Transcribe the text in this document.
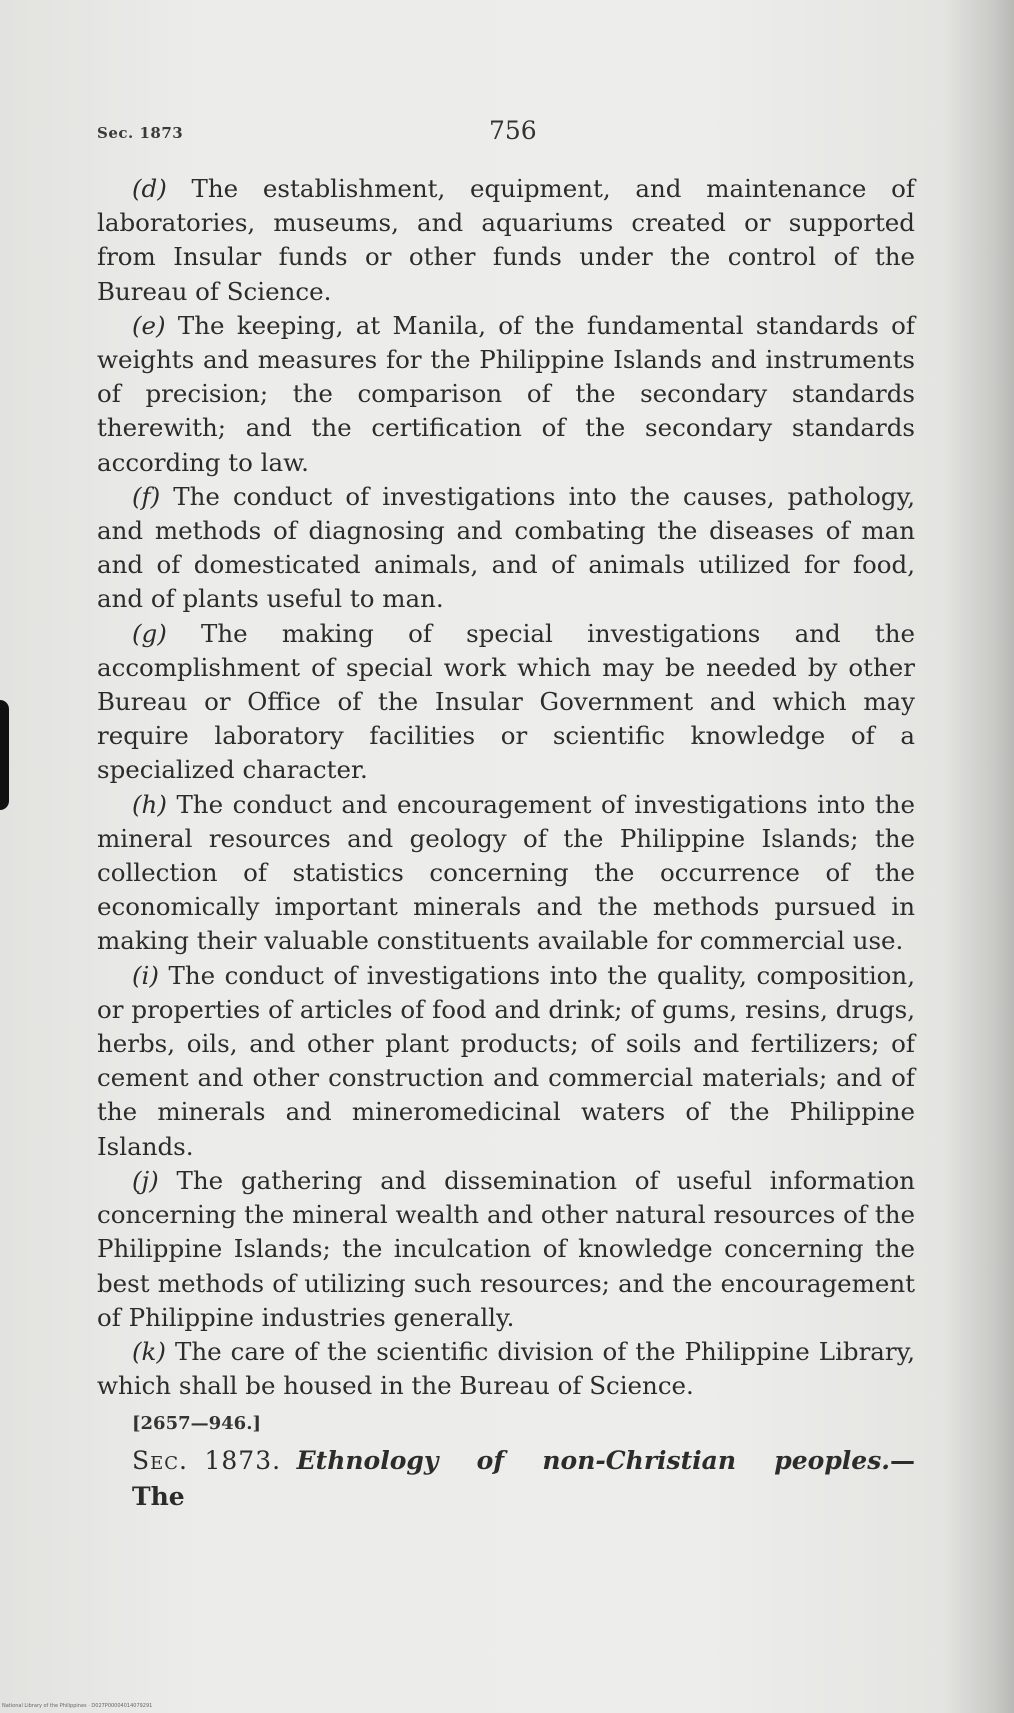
Sec. 1873	756

(d) The establishment, equipment, and maintenance of laboratories, museums, and aquariums created or supported from Insular funds or other funds under the control of the Bureau of Science.

(e) The keeping, at Manila, of the fundamental standards of weights and measures for the Philippine Islands and instruments of precision; the comparison of the secondary standards therewith; and the certification of the secondary standards according to law.

(f) The conduct of investigations into the causes, pathology, and methods of diagnosing and combating the diseases of man and of domesticated animals, and of animals utilized for food, and of plants useful to man.

(g) The making of special investigations and the accomplishment of special work which may be needed by other Bureau or Office of the Insular Government and which may require laboratory facilities or scientific knowledge of a specialized character.

(h) The conduct and encouragement of investigations into the mineral resources and geology of the Philippine Islands; the collection of statistics concerning the occurrence of the economically important minerals and the methods pursued in making their valuable constituents available for commercial use.

(i) The conduct of investigations into the quality, composition, or properties of articles of food and drink; of gums, resins, drugs, herbs, oils, and other plant products; of soils and fertilizers; of cement and other construction and commercial materials; and of the minerals and mineromedicinal waters of the Philippine Islands.

(j) The gathering and dissemination of useful information concerning the mineral wealth and other natural resources of the Philippine Islands; the inculcation of knowledge concerning the best methods of utilizing such resources; and the encouragement of Philippine industries generally.

(k) The care of the scientific division of the Philippine Library, which shall be housed in the Bureau of Science.

[2657—946.]

Sec. 1873. Ethnology of non-Christian peoples.—The

National Library of the Philippines · D027P00004014079291
